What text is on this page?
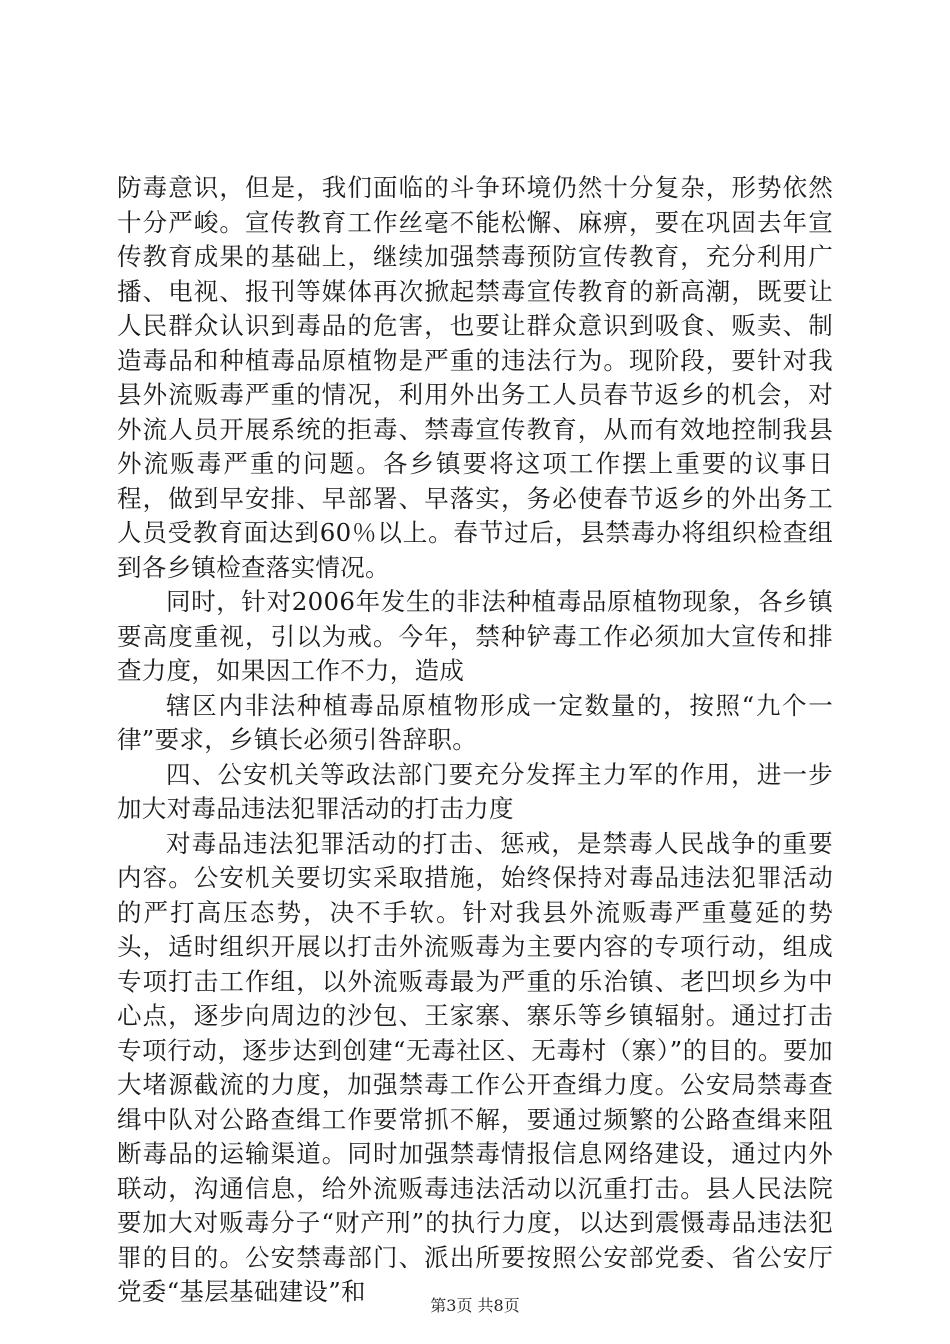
防毒意识，但是，我们面临的斗争环境仍然十分复杂，形势依然十分严峻。宣传教育工作丝毫不能松懈、麻痹，要在巩固去年宣传教育成果的基础上，继续加强禁毒预防宣传教育，充分利用广播、电视、报刊等媒体再次掀起禁毒宣传教育的新高潮，既要让人民群众认识到毒品的危害，也要让群众意识到吸食、贩卖、制造毒品和种植毒品原植物是严重的违法行为。现阶段，要针对我县外流贩毒严重的情况，利用外出务工人员春节返乡的机会，对外流人员开展系统的拒毒、禁毒宣传教育，从而有效地控制我县外流贩毒严重的问题。各乡镇要将这项工作摆上重要的议事日程，做到早安排、早部署、早落实，务必使春节返乡的外出务工人员受教育面达到60％以上。春节过后，县禁毒办将组织检查组到各乡镇检查落实情况。

同时，针对2006年发生的非法种植毒品原植物现象，各乡镇要高度重视，引以为戒。今年，禁种铲毒工作必须加大宣传和排查力度，如果因工作不力，造成

辖区内非法种植毒品原植物形成一定数量的，按照“九个一律”要求，乡镇长必须引咎辞职。

四、公安机关等政法部门要充分发挥主力军的作用，进一步加大对毒品违法犯罪活动的打击力度

对毒品违法犯罪活动的打击、惩戒，是禁毒人民战争的重要内容。公安机关要切实采取措施，始终保持对毒品违法犯罪活动的严打高压态势，决不手软。针对我县外流贩毒严重蔓延的势头，适时组织开展以打击外流贩毒为主要内容的专项行动，组成专项打击工作组，以外流贩毒最为严重的乐治镇、老凹坝乡为中心点，逐步向周边的沙包、王家寨、寨乐等乡镇辐射。通过打击专项行动，逐步达到创建“无毒社区、无毒村（寨）”的目的。要加大堵源截流的力度，加强禁毒工作公开查缉力度。公安局禁毒查缉中队对公路查缉工作要常抓不解，要通过频繁的公路查缉来阻断毒品的运输渠道。同时加强禁毒情报信息网络建设，通过内外联动，沟通信息，给外流贩毒违法活动以沉重打击。县人民法院要加大对贩毒分子“财产刑”的执行力度，以达到震慑毒品违法犯罪的目的。公安禁毒部门、派出所要按照公安部党委、省公安厅党委“基层基础建设”和	第3页 共8页
